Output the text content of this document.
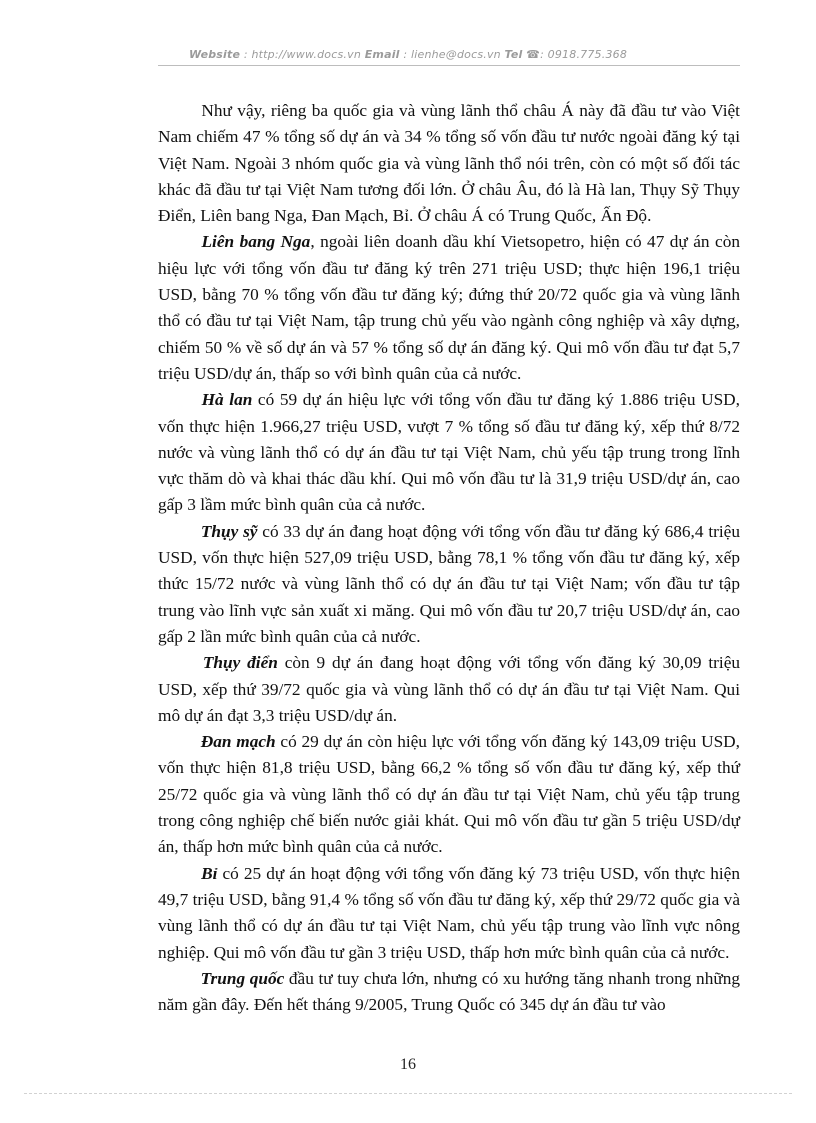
Website : http://www.docs.vn Email : lienhe@docs.vn Tel ☎: 0918.775.368

Như vậy, riêng ba quốc gia và vùng lãnh thổ châu Á này đã đầu tư vào Việt Nam chiếm 47 % tổng số dự án và 34 % tổng số vốn đầu tư nước ngoài đăng ký tại Việt Nam. Ngoài 3 nhóm quốc gia và vùng lãnh thổ nói trên, còn có một số đối tác khác đã đầu tư tại Việt Nam tương đối lớn. Ở châu Âu, đó là Hà lan, Thụy Sỹ Thụy Điển, Liên bang Nga, Đan Mạch, Bỉ. Ở châu Á có Trung Quốc, Ấn Độ.

Liên bang Nga, ngoài liên doanh dầu khí Vietsopetro, hiện có 47 dự án còn hiệu lực với tổng vốn đầu tư đăng ký trên 271 triệu USD; thực hiện 196,1 triệu USD, bằng 70 % tổng vốn đầu tư đăng ký; đứng thứ 20/72 quốc gia và vùng lãnh thổ có đầu tư tại Việt Nam, tập trung chủ yếu vào ngành công nghiệp và xây dựng, chiếm 50 % về số dự án và 57 % tổng số dự án đăng ký. Qui mô vốn đầu tư đạt 5,7 triệu USD/dự án, thấp so với bình quân của cả nước.

Hà lan có 59 dự án hiệu lực với tổng vốn đầu tư đăng ký 1.886 triệu USD, vốn thực hiện 1.966,27 triệu USD, vượt 7 % tổng số đầu tư đăng ký, xếp thứ 8/72 nước và vùng lãnh thổ có dự án đầu tư tại Việt Nam, chủ yếu tập trung trong lĩnh vực thăm dò và khai thác dầu khí. Qui mô vốn đầu tư là 31,9 triệu USD/dự án, cao gấp 3 lầm mức bình quân của cả nước.

Thụy sỹ có 33 dự án đang hoạt động với tổng vốn đầu tư đăng ký 686,4 triệu USD, vốn thực hiện 527,09 triệu USD, bằng 78,1 % tổng vốn đầu tư đăng ký, xếp thức 15/72 nước và vùng lãnh thổ có dự án đầu tư tại Việt Nam; vốn đầu tư tập trung vào lĩnh vực sản xuất xi măng. Qui mô vốn đầu tư 20,7 triệu USD/dự án, cao gấp 2 lần mức bình quân của cả nước.

Thụy điển còn 9 dự án đang hoạt động với tổng vốn đăng ký 30,09 triệu USD, xếp thứ 39/72 quốc gia và vùng lãnh thổ có dự án đầu tư tại Việt Nam. Qui mô dự án đạt 3,3 triệu USD/dự án.

Đan mạch có 29 dự án còn hiệu lực với tổng vốn đăng ký 143,09 triệu USD, vốn thực hiện 81,8 triệu USD, bằng 66,2 % tổng số vốn đầu tư đăng ký, xếp thứ 25/72 quốc gia và vùng lãnh thổ có dự án đầu tư tại Việt Nam, chủ yếu tập trung trong công nghiệp chế biến nước giải khát. Qui mô vốn đầu tư gần 5 triệu USD/dự án, thấp hơn mức bình quân của cả nước.

Bỉ có 25 dự án hoạt động với tổng vốn đăng ký 73 triệu USD, vốn thực hiện 49,7 triệu USD, bằng 91,4 % tổng số vốn đầu tư đăng ký, xếp thứ 29/72 quốc gia và vùng lãnh thổ có dự án đầu tư tại Việt Nam, chủ yếu tập trung vào lĩnh vực nông nghiệp. Qui mô vốn đầu tư gần 3 triệu USD, thấp hơn mức bình quân của cả nước.

Trung quốc đầu tư tuy chưa lớn, nhưng có xu hướng tăng nhanh trong những năm gần đây. Đến hết tháng 9/2005, Trung Quốc có 345 dự án đầu tư vào

16
